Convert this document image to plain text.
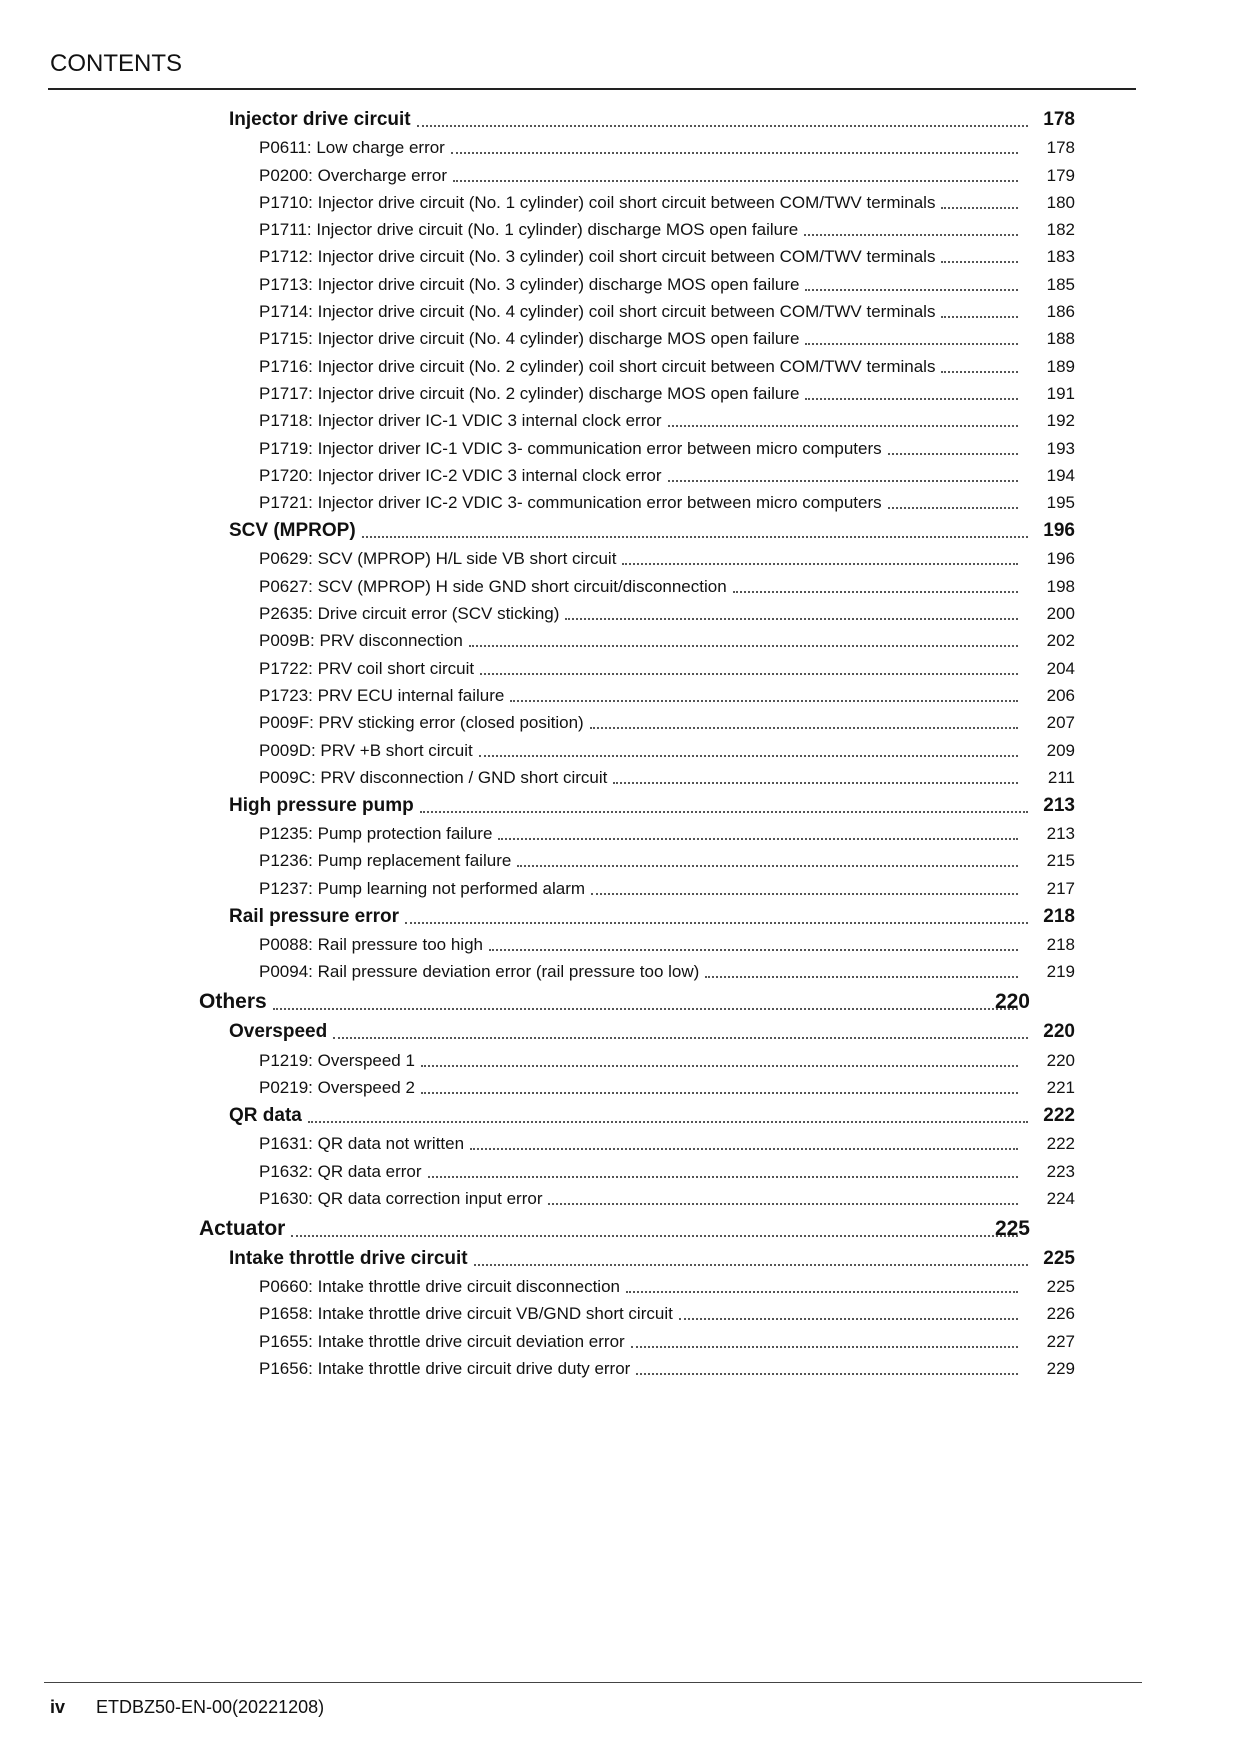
CONTENTS
Injector drive circuit	178
P0611: Low charge error	178
P0200: Overcharge error	179
P1710: Injector drive circuit (No. 1 cylinder) coil short circuit between COM/TWV terminals	180
P1711: Injector drive circuit (No. 1 cylinder) discharge MOS open failure	182
P1712: Injector drive circuit (No. 3 cylinder) coil short circuit between COM/TWV terminals	183
P1713: Injector drive circuit (No. 3 cylinder) discharge MOS open failure	185
P1714: Injector drive circuit (No. 4 cylinder) coil short circuit between COM/TWV terminals	186
P1715: Injector drive circuit (No. 4 cylinder) discharge MOS open failure	188
P1716: Injector drive circuit (No. 2 cylinder) coil short circuit between COM/TWV terminals	189
P1717: Injector drive circuit (No. 2 cylinder) discharge MOS open failure	191
P1718: Injector driver IC-1 VDIC 3 internal clock error	192
P1719: Injector driver IC-1 VDIC 3- communication error between micro computers	193
P1720: Injector driver IC-2 VDIC 3 internal clock error	194
P1721: Injector driver IC-2 VDIC 3- communication error between micro computers	195
SCV (MPROP)	196
P0629: SCV (MPROP) H/L side VB short circuit	196
P0627: SCV (MPROP) H side GND short circuit/disconnection	198
P2635: Drive circuit error (SCV sticking)	200
P009B: PRV disconnection	202
P1722: PRV coil short circuit	204
P1723: PRV ECU internal failure	206
P009F: PRV sticking error (closed position)	207
P009D: PRV +B short circuit	209
P009C: PRV disconnection / GND short circuit	211
High pressure pump	213
P1235: Pump protection failure	213
P1236: Pump replacement failure	215
P1237: Pump learning not performed alarm	217
Rail pressure error	218
P0088: Rail pressure too high	218
P0094: Rail pressure deviation error (rail pressure too low)	219
Others	220
Overspeed	220
P1219: Overspeed 1	220
P0219: Overspeed 2	221
QR data	222
P1631: QR data not written	222
P1632: QR data error	223
P1630: QR data correction input error	224
Actuator	225
Intake throttle drive circuit	225
P0660: Intake throttle drive circuit disconnection	225
P1658: Intake throttle drive circuit VB/GND short circuit	226
P1655: Intake throttle drive circuit deviation error	227
P1656: Intake throttle drive circuit drive duty error	229
iv ETDBZ50-EN-00(20221208)
